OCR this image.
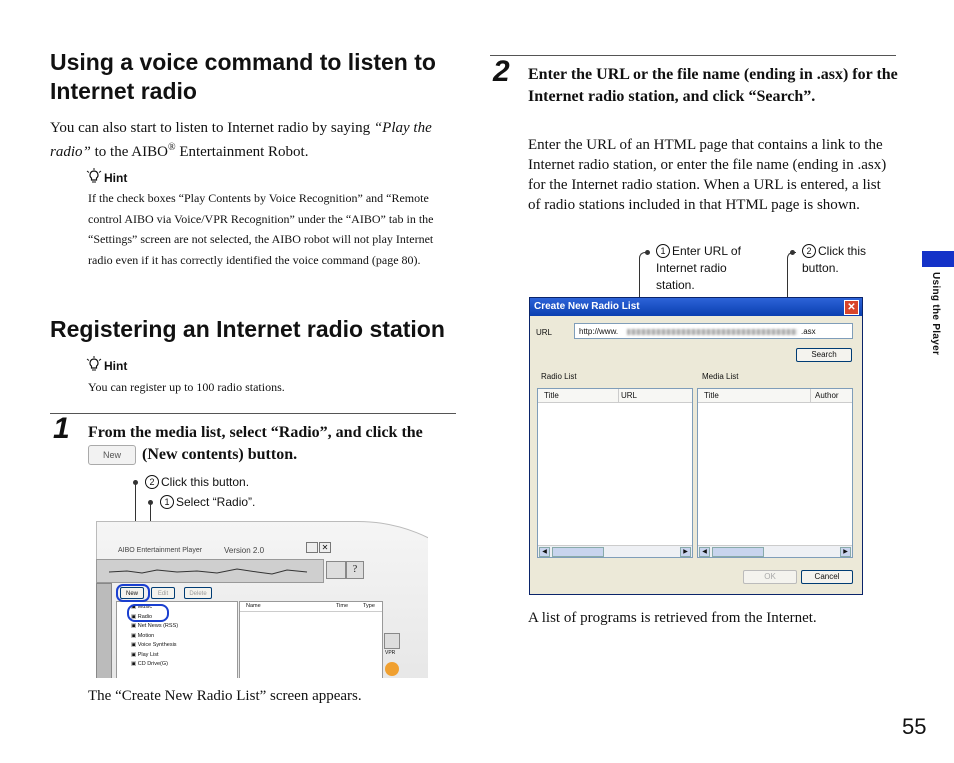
Using a voice command to listen to Internet radio
You can also start to listen to Internet radio by saying “Play the radio” to the AIBO® Entertainment Robot.
Hint
If the check boxes “Play Contents by Voice Recognition” and “Remote control AIBO via Voice/VPR Recognition” under the “AIBO” tab in the “Settings” screen are not selected, the AIBO robot will not play Internet radio even if it has correctly identified the voice command (page 80).
Registering an Internet radio station
Hint
You can register up to 100 radio stations.
1 From the media list, select “Radio”, and click the
New	(New contents) button.
2 Click this button.
1 Select “Radio”.
AIBO Entertainment Player	Version 2.0	✕
?
New	Edit	Delete
▣ Music
▣ Radio
▣ Net News (RSS)
▣ Motion
▣ Voice Synthesis
▣ Play List
▣ CD Drive(G)
Name	Time	Type
VPR
The “Create New Radio List” screen appears.
2 Enter the URL or the file name (ending in .asx) for the Internet radio station, and click “Search”.
Enter the URL of an HTML page that contains a link to the Internet radio station, or enter the file name (ending in .asx) for the Internet radio station. When a URL is entered, a list of radio stations included in that HTML page is shown.
1 Enter URL of Internet radio station.
2 Click this button.
Create New Radio List	✕
URL	http://www.	.asx
Search
Radio List	Media List
Title	URL
◀	▶
Title	Author
◀	▶
OK	Cancel
A list of programs is retrieved from the Internet.
Using the Player
55
